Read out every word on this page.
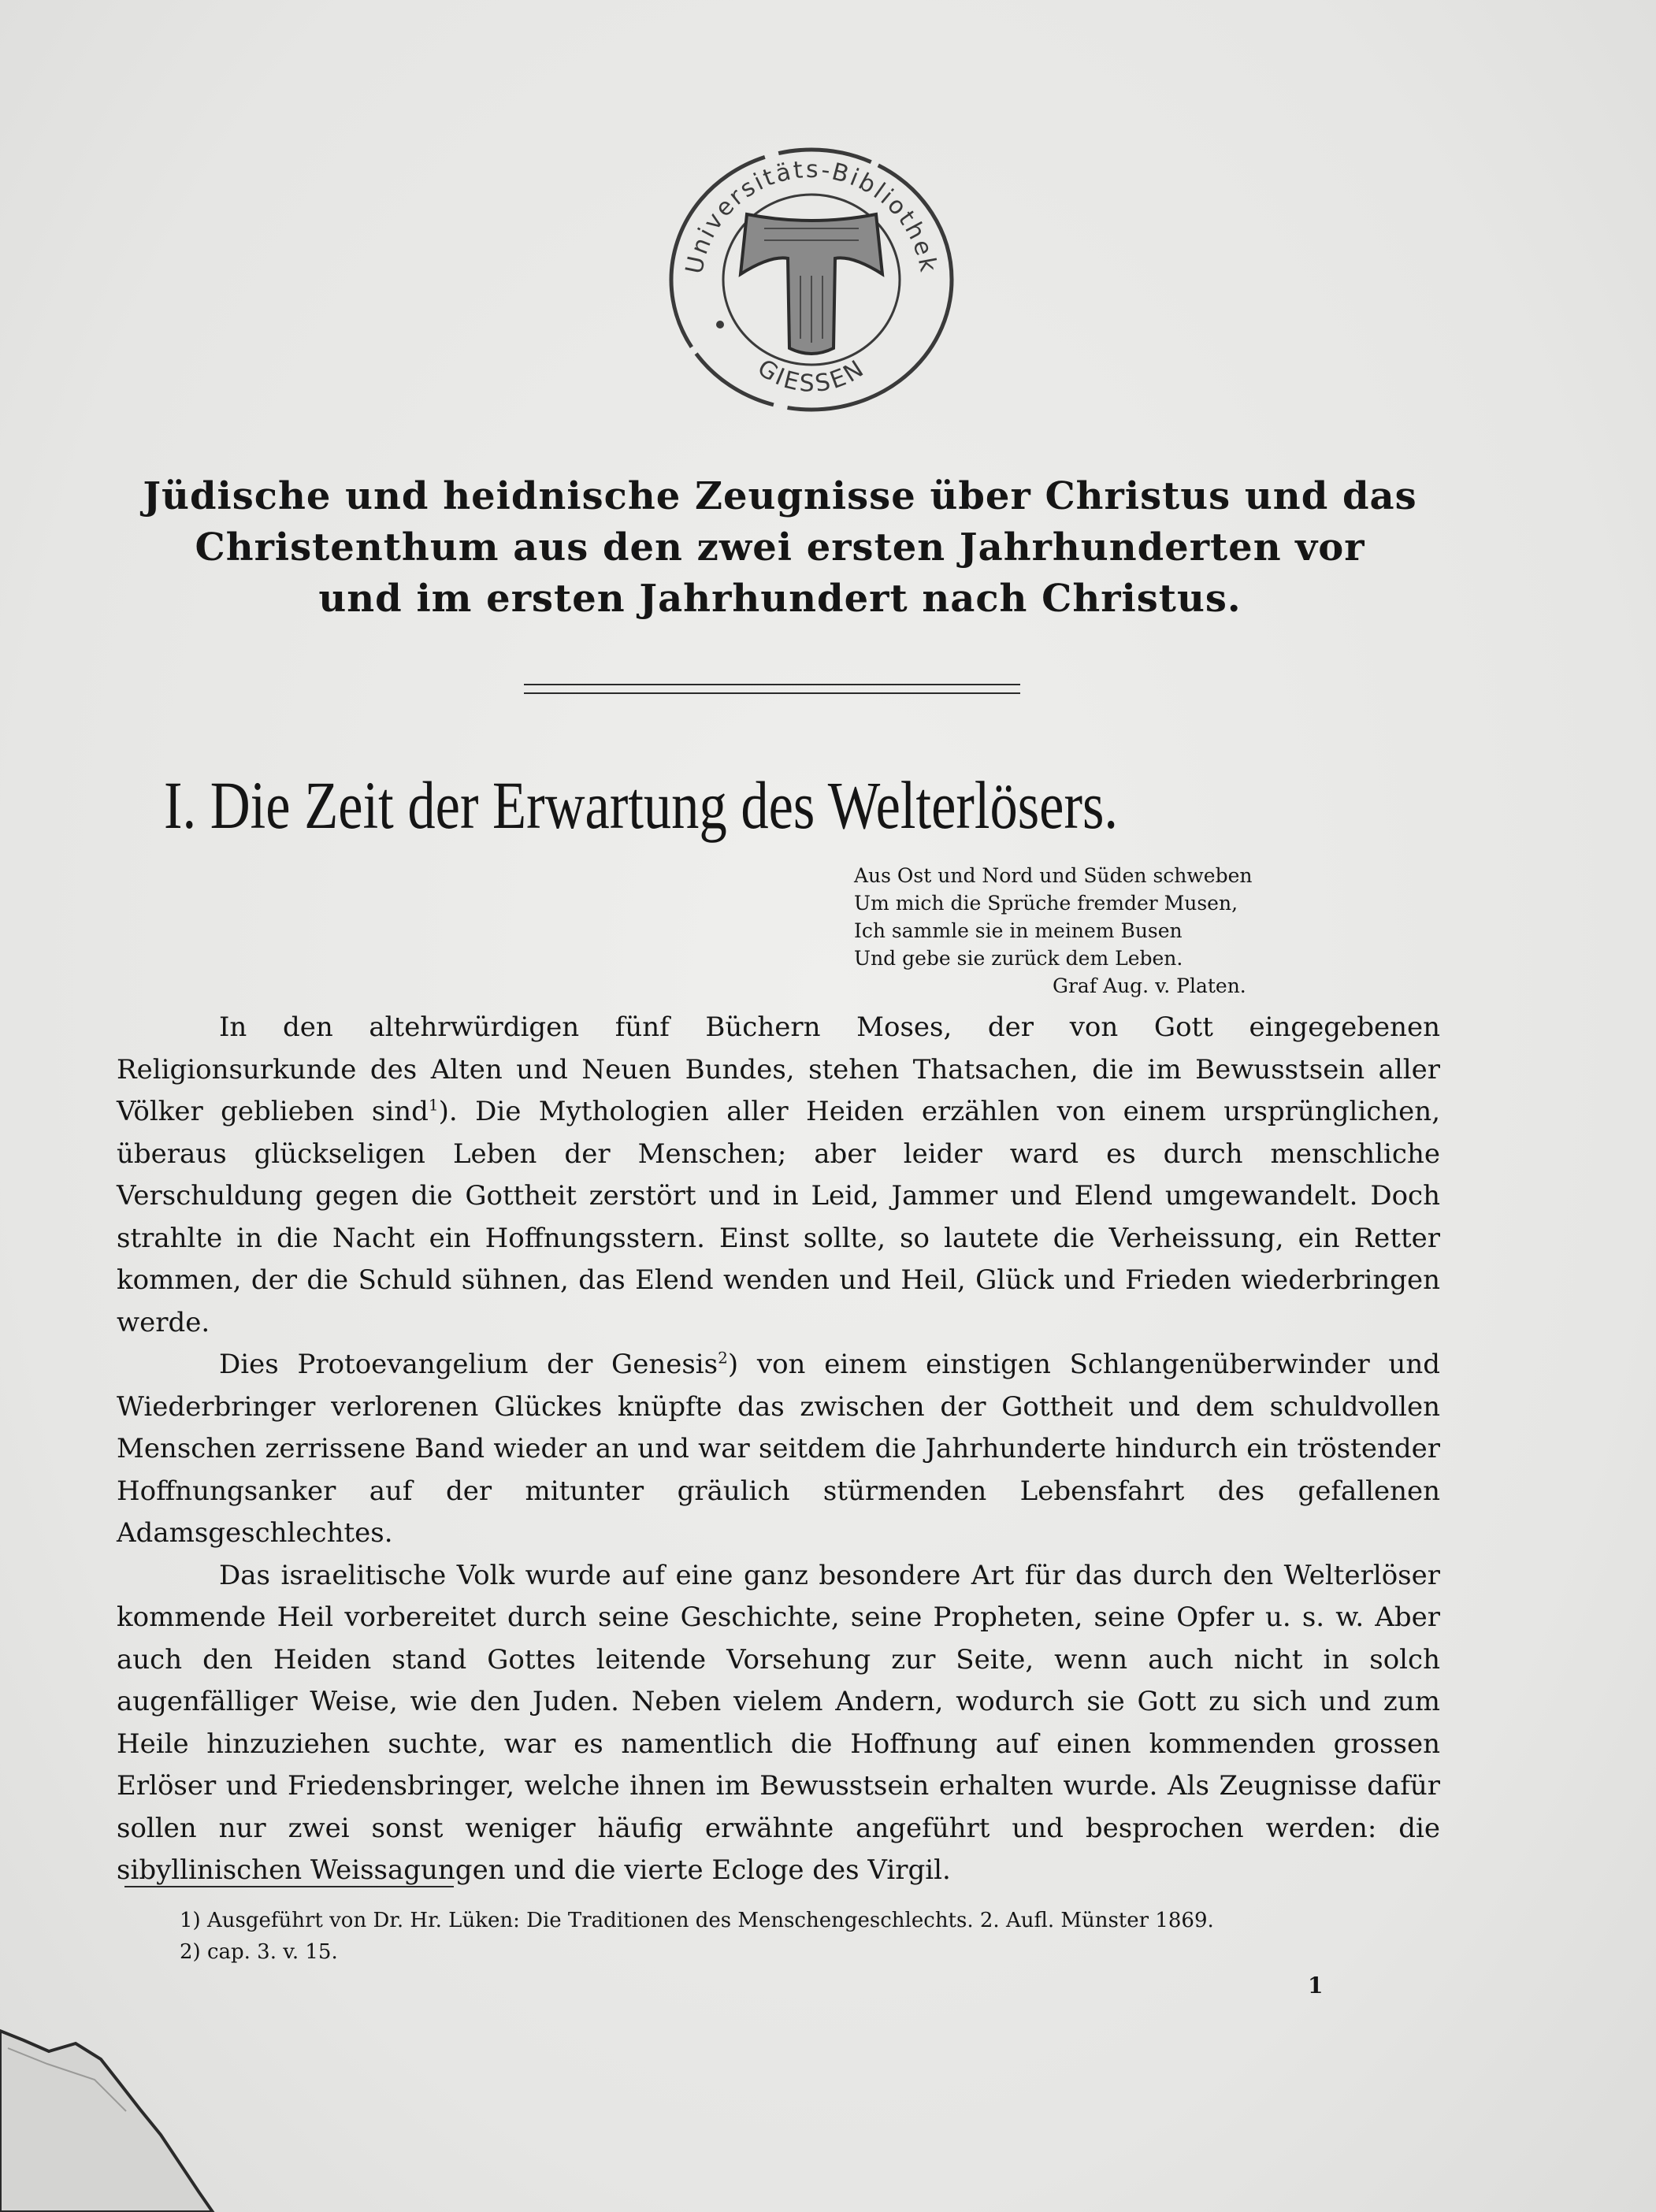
Universitäts-Bibliothek
GIESSEN
Jüdische und heidnische Zeugnisse über Christus und das
Christenthum aus den zwei ersten Jahrhunderten vor
und im ersten Jahrhundert nach Christus.
I. Die Zeit der Erwartung des Welterlösers.
Aus Ost und Nord und Süden schweben
Um mich die Sprüche fremder Musen,
Ich sammle sie in meinem Busen
Und gebe sie zurück dem Leben.
Graf Aug. v. Platen.

In den altehrwürdigen fünf Büchern Moses, der von Gott eingegebenen Religionsurkunde des Alten und Neuen Bundes, stehen Thatsachen, die im Bewusstsein aller Völker geblieben sind$^1$). Die Mythologien aller Heiden erzählen von einem ursprünglichen, überaus glückseligen Leben der Menschen; aber leider ward es durch menschliche Verschuldung gegen die Gottheit zerstört und in Leid, Jammer und Elend umgewandelt. Doch strahlte in die Nacht ein Hoffnungsstern. Einst sollte, so lautete die Verheissung, ein Retter kommen, der die Schuld sühnen, das Elend wenden und Heil, Glück und Frieden wiederbringen werde.

Dies Protoevangelium der Genesis$^2$) von einem einstigen Schlangenüberwinder und Wiederbringer verlorenen Glückes knüpfte das zwischen der Gottheit und dem schuldvollen Menschen zerrissene Band wieder an und war seitdem die Jahrhunderte hindurch ein tröstender Hoffnungsanker auf der mitunter gräulich stürmenden Lebensfahrt des gefallenen Adamsgeschlechtes.

Das israelitische Volk wurde auf eine ganz besondere Art für das durch den Welterlöser kommende Heil vorbereitet durch seine Geschichte, seine Propheten, seine Opfer u. s. w. Aber auch den Heiden stand Gottes leitende Vorsehung zur Seite, wenn auch nicht in solch augenfälliger Weise, wie den Juden. Neben vielem Andern, wodurch sie Gott zu sich und zum Heile hinzuziehen suchte, war es namentlich die Hoffnung auf einen kommenden grossen Erlöser und Friedensbringer, welche ihnen im Bewusstsein erhalten wurde. Als Zeugnisse dafür sollen nur zwei sonst weniger häufig erwähnte angeführt und besprochen werden: die sibyllinischen Weissagungen und die vierte Ecloge des Virgil.

1) Ausgeführt von Dr. Hr. Lüken: Die Traditionen des Menschengeschlechts. 2. Aufl. Münster 1869.
2) cap. 3. v. 15.
1
